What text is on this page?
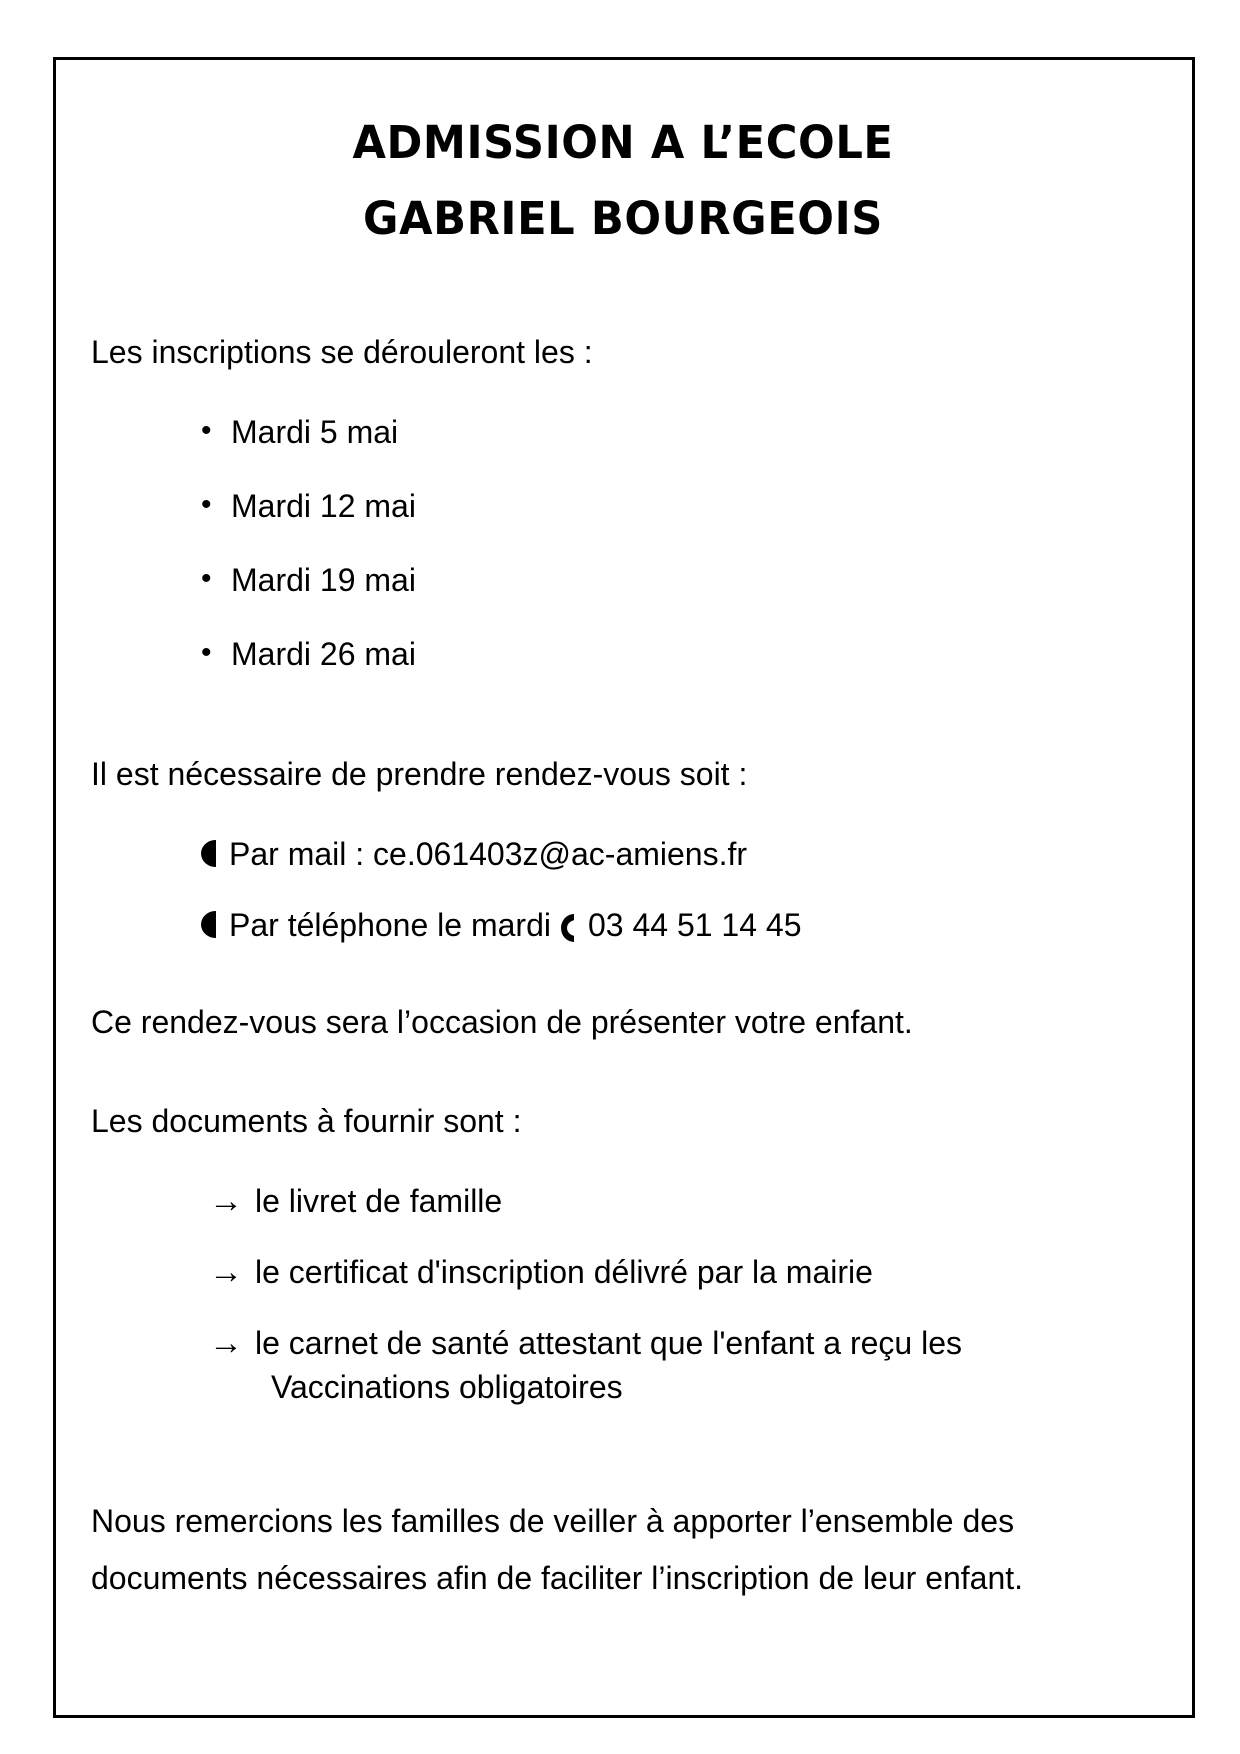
ADMISSION A L’ECOLE
GABRIEL BOURGEOIS

Les inscriptions se dérouleront les :

• Mardi 5 mai
• Mardi 12 mai
• Mardi 19 mai
• Mardi 26 mai

Il est nécessaire de prendre rendez-vous soit :

Par mail : ce.061403z@ac-amiens.fr
Par téléphone le mardi 03 44 51 14 45

Ce rendez-vous sera l’occasion de présenter votre enfant.

Les documents à fournir sont :

→ le livret de famille
→ le certificat d'inscription délivré par la mairie
→ le carnet de santé attestant que l'enfant a reçu les
Vaccinations obligatoires

Nous remercions les familles de veiller à apporter l’ensemble des documents nécessaires afin de faciliter l’inscription de leur enfant.
